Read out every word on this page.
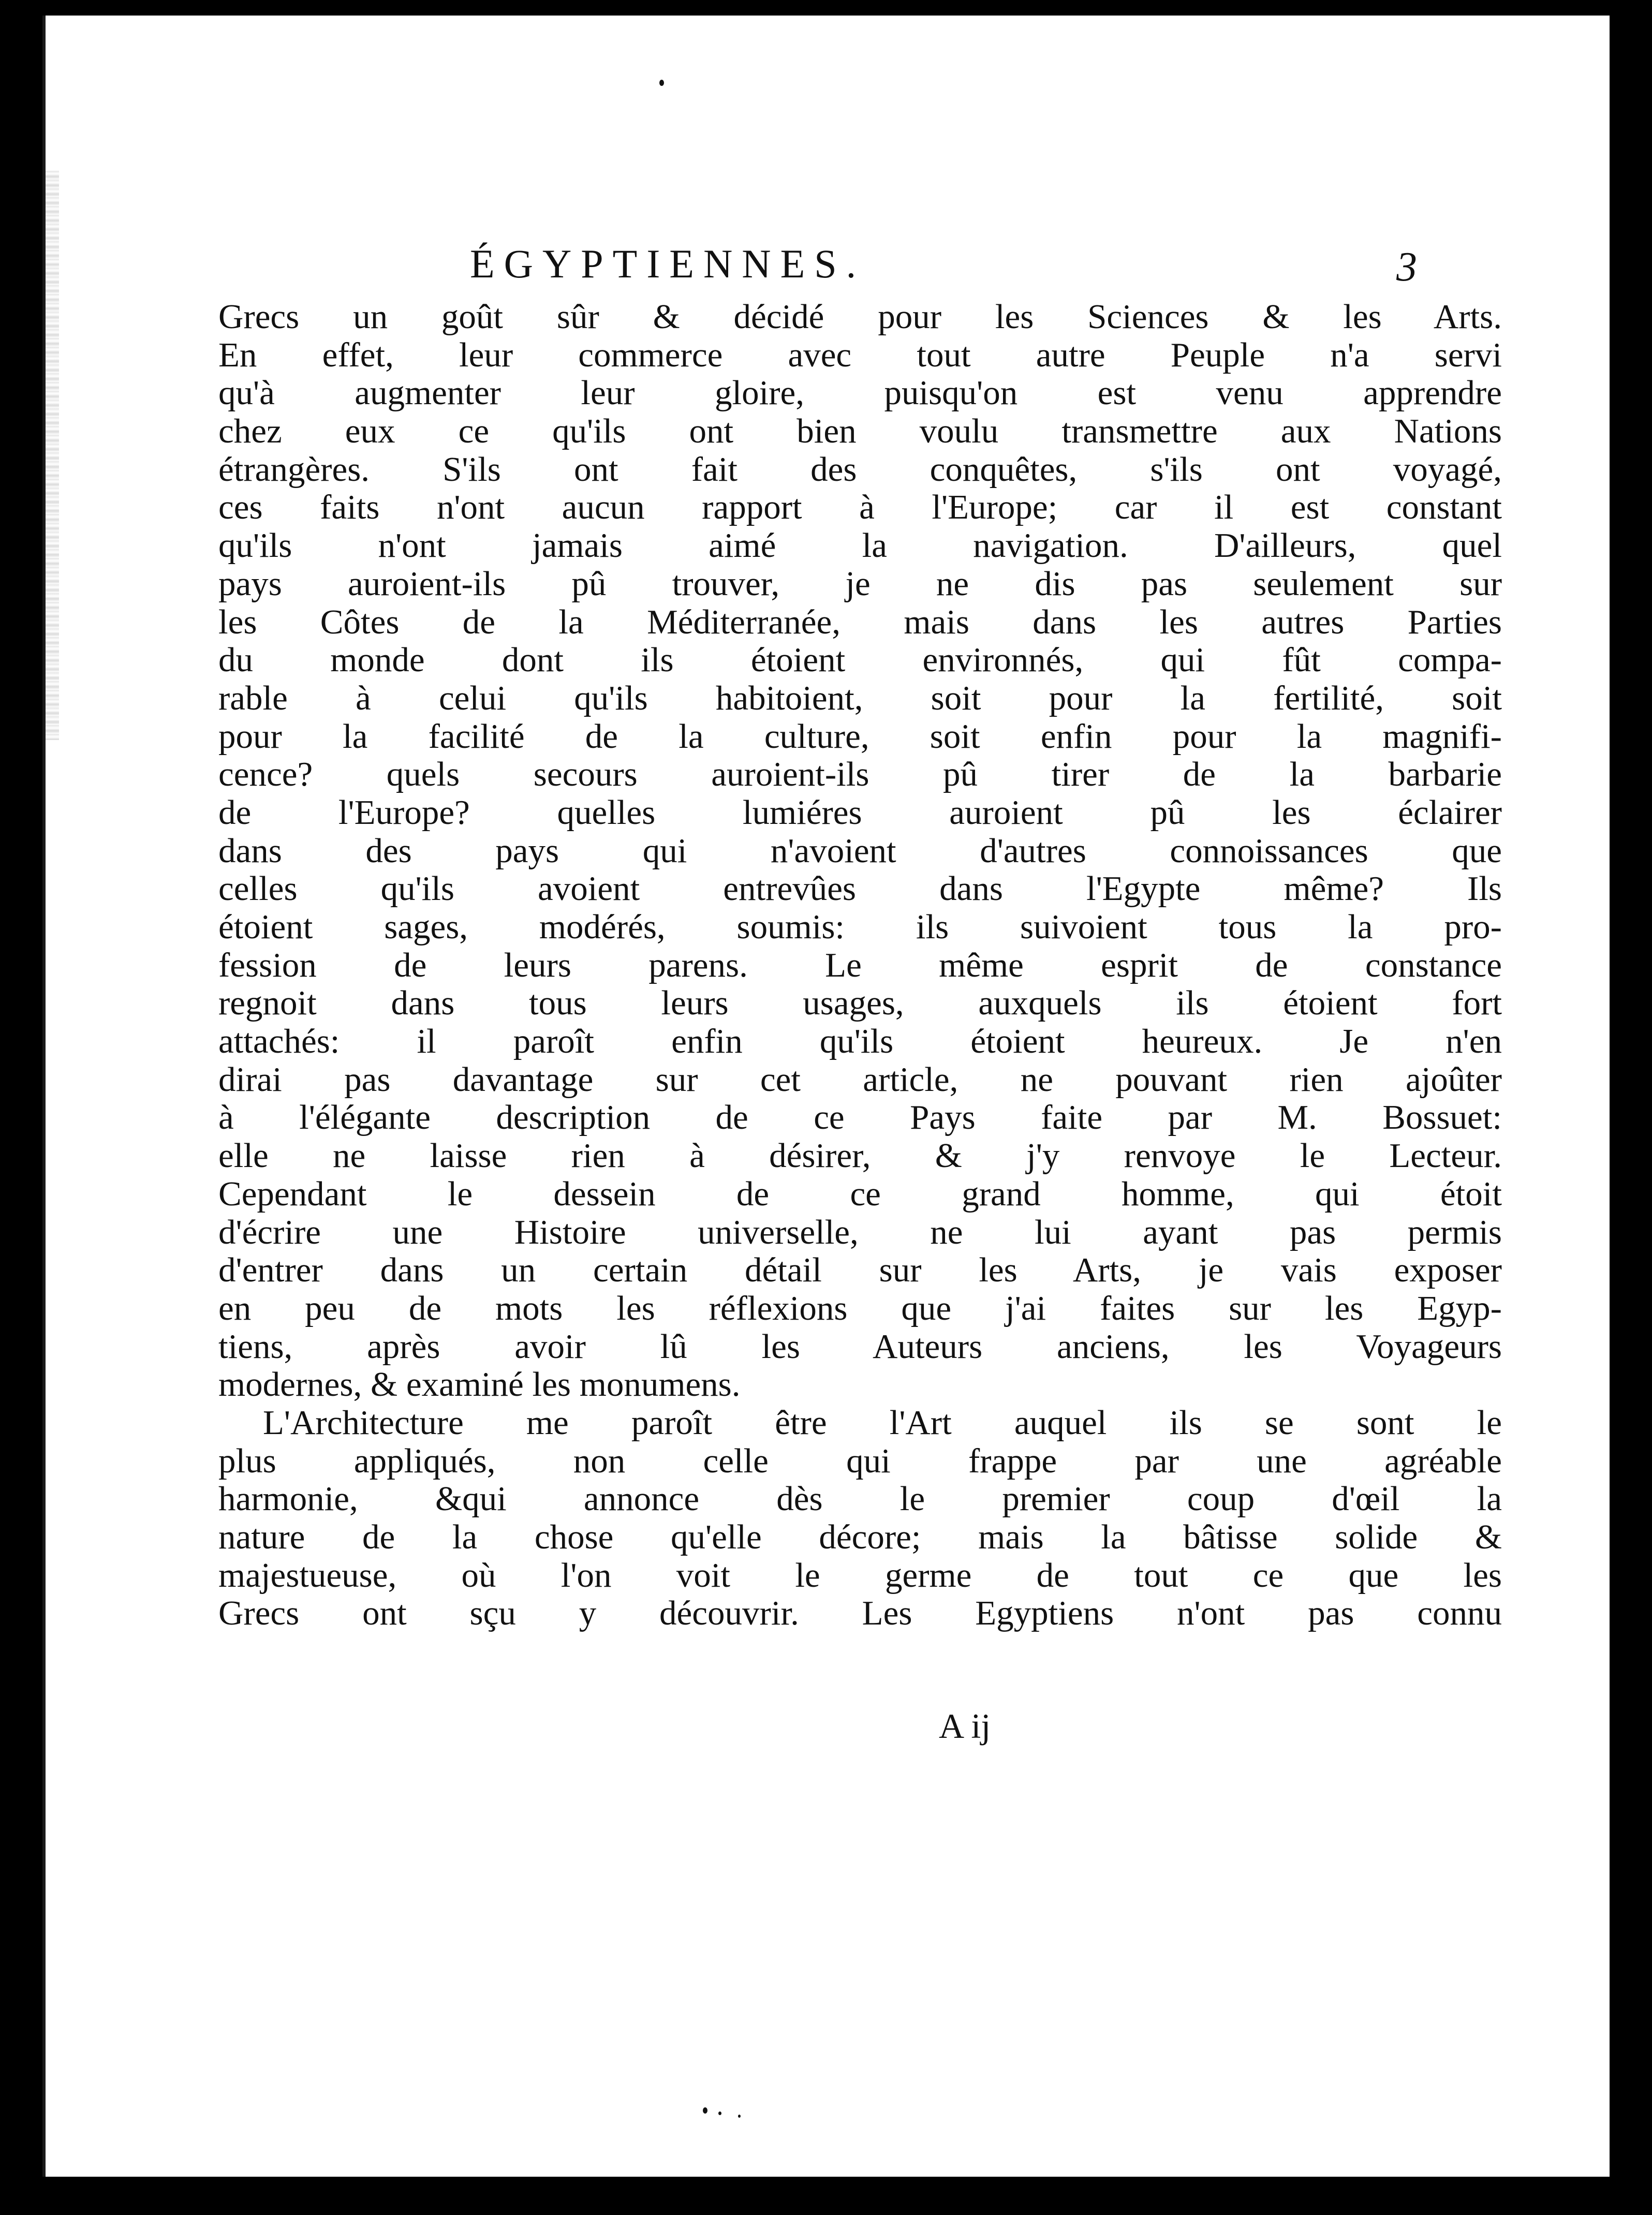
ÉGYPTIENNES.	3
Grecs un goût sûr & décidé pour les Sciences & les Arts.
En effet, leur commerce avec tout autre Peuple n'a servi
qu'à augmenter leur gloire, puisqu'on est venu apprendre
chez eux ce qu'ils ont bien voulu transmettre aux Nations
étrangères. S'ils ont fait des conquêtes, s'ils ont voyagé,
ces faits n'ont aucun rapport à l'Europe; car il est constant
qu'ils n'ont jamais aimé la navigation. D'ailleurs, quel
pays auroient-ils pû trouver, je ne dis pas seulement sur
les Côtes de la Méditerranée, mais dans les autres Parties
du monde dont ils étoient environnés, qui fût compa-
rable à celui qu'ils habitoient, soit pour la fertilité, soit
pour la facilité de la culture, soit enfin pour la magnifi-
cence? quels secours auroient-ils pû tirer de la barbarie
de l'Europe? quelles lumiéres auroient pû les éclairer
dans des pays qui n'avoient d'autres connoissances que
celles qu'ils avoient entrevûes dans l'Egypte même? Ils
étoient sages, modérés, soumis: ils suivoient tous la pro-
fession de leurs parens. Le même esprit de constance
regnoit dans tous leurs usages, auxquels ils étoient fort
attachés: il paroît enfin qu'ils étoient heureux. Je n'en
dirai pas davantage sur cet article, ne pouvant rien ajoûter
à l'élégante description de ce Pays faite par M. Bossuet:
elle ne laisse rien à désirer, & j'y renvoye le Lecteur.
Cependant le dessein de ce grand homme, qui étoit
d'écrire une Histoire universelle, ne lui ayant pas permis
d'entrer dans un certain détail sur les Arts, je vais exposer
en peu de mots les réflexions que j'ai faites sur les Egyp-
tiens, après avoir lû les Auteurs anciens, les Voyageurs
modernes, & examiné les monumens.
L'Architecture me paroît être l'Art auquel ils se sont le
plus appliqués, non celle qui frappe par une agréable
harmonie, &qui annonce dès le premier coup d'œil la
nature de la chose qu'elle décore; mais la bâtisse solide &
majestueuse, où l'on voit le germe de tout ce que les
Grecs ont sçu y découvrir. Les Egyptiens n'ont pas connu
A ij
